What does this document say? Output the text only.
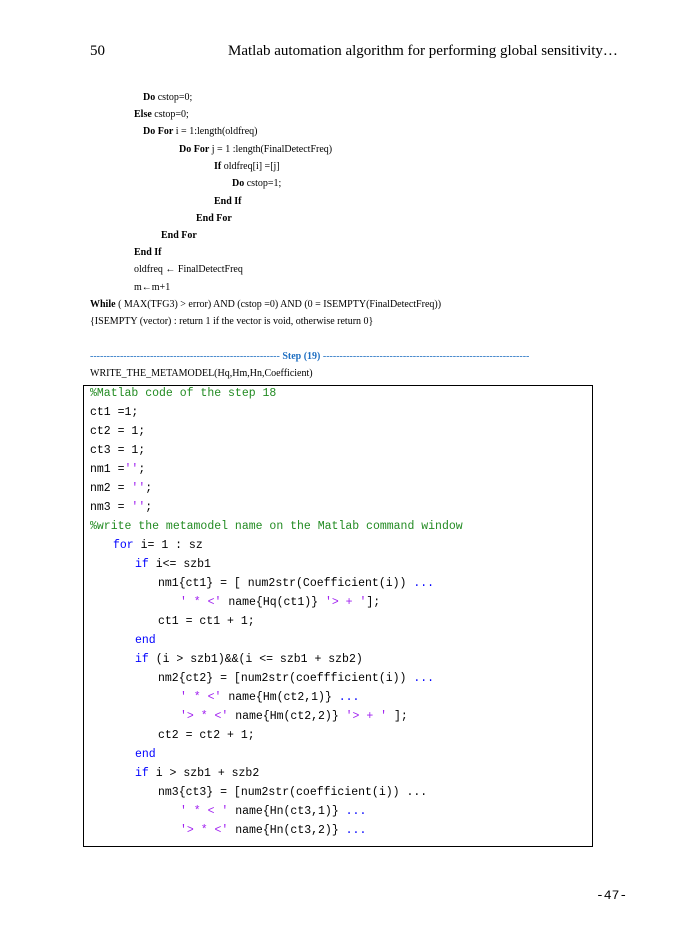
50	Matlab automation algorithm for performing global sensitivity…
Do cstop=0;
Else cstop=0;
Do For i = 1:length(oldfreq)
Do For j = 1 :length(FinalDetectFreq)
If oldfreq[i] =[j]
Do cstop=1;
End If
End For
End For
End If
oldfreq ← FinalDetectFreq
m←m+1
While ( MAX(TFG3) > error) AND (cstop =0) AND (0 = ISEMPTY(FinalDetectFreq))
{ISEMPTY (vector) : return 1 if the vector is void, otherwise return 0}
--------------------------------------------------------- Step (19) --------------------------------------------------------------
WRITE_THE_METAMODEL(Hq,Hm,Hn,Coefficient)
%Matlab code of the step 18
ct1 =1;
ct2 = 1;
ct3 = 1;
nm1 ='';
nm2 = '';
nm3 = '';
%write the metamodel name on the Matlab command window
for i= 1 : sz
if i<= szb1
nm1{ct1} = [ num2str(Coefficient(i)) ...
' * <' name{Hq(ct1)} '> + '];
ct1 = ct1 + 1;
end
if (i > szb1)&&(i <= szb1 + szb2)
nm2{ct2} = [num2str(coeffficient(i)) ...
' * <' name{Hm(ct2,1)} ...
'> * <' name{Hm(ct2,2)} '> + ' ];
ct2 = ct2 + 1;
end
if i > szb1 + szb2
nm3{ct3} = [num2str(coefficient(i)) ...
' * < ' name{Hn(ct3,1)} ...
'> * <' name{Hn(ct3,2)} ...
-47-
